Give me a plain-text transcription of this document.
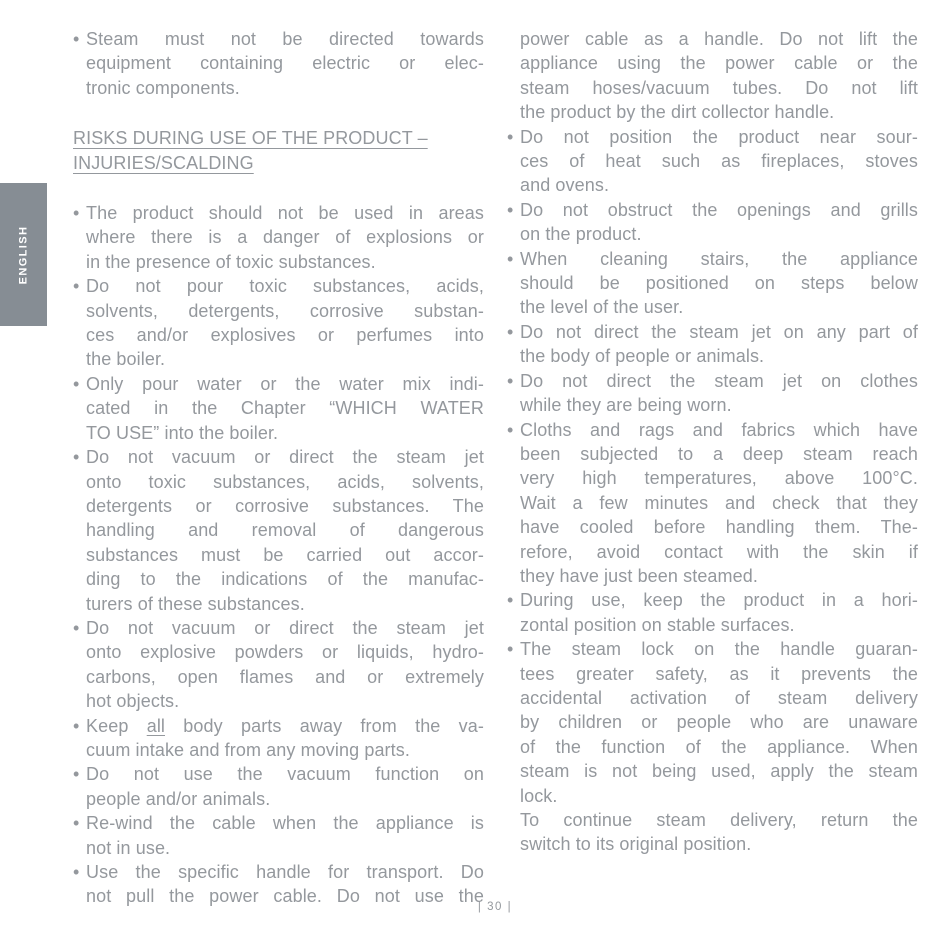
ENGLISH
• Steam must not be directed towards
equipment containing electric or elec-
tronic components.
RISKS DURING USE OF THE PRODUCT –
INJURIES/SCALDING
• The product should not be used in areas
where there is a danger of explosions or
in the presence of toxic substances.
• Do not pour toxic substances, acids,
solvents, detergents, corrosive substan-
ces and/or explosives or perfumes into
the boiler.
• Only pour water or the water mix indi-
cated in the Chapter “WHICH WATER
TO USE” into the boiler.
• Do not vacuum or direct the steam jet
onto toxic substances, acids, solvents,
detergents or corrosive substances. The
handling and removal of dangerous
substances must be carried out accor-
ding to the indications of the manufac-
turers of these substances.
• Do not vacuum or direct the steam jet
onto explosive powders or liquids, hydro-
carbons, open flames and or extremely
hot objects.
• Keep all body parts away from the va-
cuum intake and from any moving parts.
• Do not use the vacuum function on
people and/or animals.
• Re-wind the cable when the appliance is
not in use.
• Use the specific handle for transport. Do
not pull the power cable. Do not use the
power cable as a handle. Do not lift the
appliance using the power cable or the
steam hoses/vacuum tubes. Do not lift
the product by the dirt collector handle.
• Do not position the product near sour-
ces of heat such as fireplaces, stoves
and ovens.
• Do not obstruct the openings and grills
on the product.
• When cleaning stairs, the appliance
should be positioned on steps below
the level of the user.
• Do not direct the steam jet on any part of
the body of people or animals.
• Do not direct the steam jet on clothes
while they are being worn.
• Cloths and rags and fabrics which have
been subjected to a deep steam reach
very high temperatures, above 100°C.
Wait a few minutes and check that they
have cooled before handling them. The-
refore, avoid contact with the skin if
they have just been steamed.
• During use, keep the product in a hori-
zontal position on stable surfaces.
• The steam lock on the handle guaran-
tees greater safety, as it prevents the
accidental activation of steam delivery
by children or people who are unaware
of the function of the appliance. When
steam is not being used, apply the steam
lock.
To continue steam delivery, return the
switch to its original position.
| 30 |
